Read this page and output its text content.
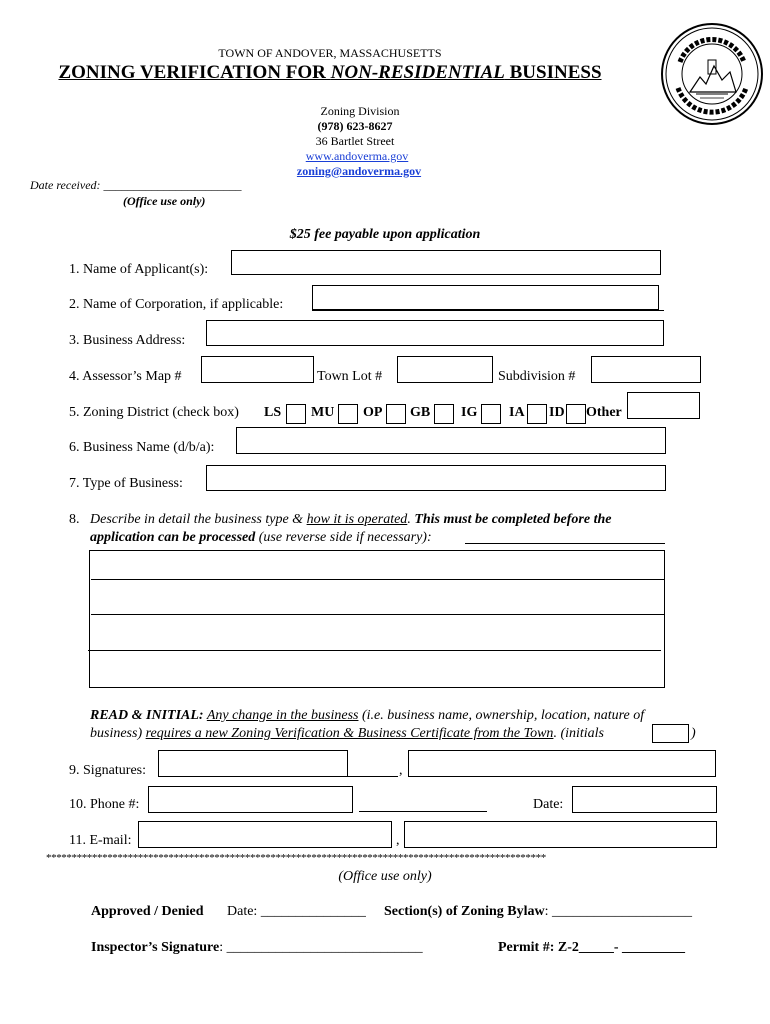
TOWN OF ANDOVER, MASSACHUSETTS
ZONING VERIFICATION FOR NON-RESIDENTIAL BUSINESS
Zoning Division
(978) 623-8627
36 Bartlet Street
www.andoverma.gov
zoning@andoverma.gov
Date received: _______________________
(Office use only)
$25 fee payable upon application
1. Name of Applicant(s):
2. Name of Corporation, if applicable:
3. Business Address:
4. Assessor’s Map #	Town Lot #	Subdivision #
5. Zoning District (check box) LS MU OP GB IG IA ID Other
6. Business Name (d/b/a):
7. Type of Business:
8. Describe in detail the business type & how it is operated. This must be completed before the
application can be processed (use reverse side if necessary):
READ & INITIAL: Any change in the business (i.e. business name, ownership, location, nature of
business) requires a new Zoning Verification & Business Certificate from the Town. (initials	)
9. Signatures:	,
10. Phone #:	Date:
11. E-mail:	,
**************************************************************************************************
(Office use only)
Approved / Denied Date: _______________ Section(s) of Zoning Bylaw: ____________________
Inspector’s Signature: ____________________________	Permit #: Z-2_____- _________
